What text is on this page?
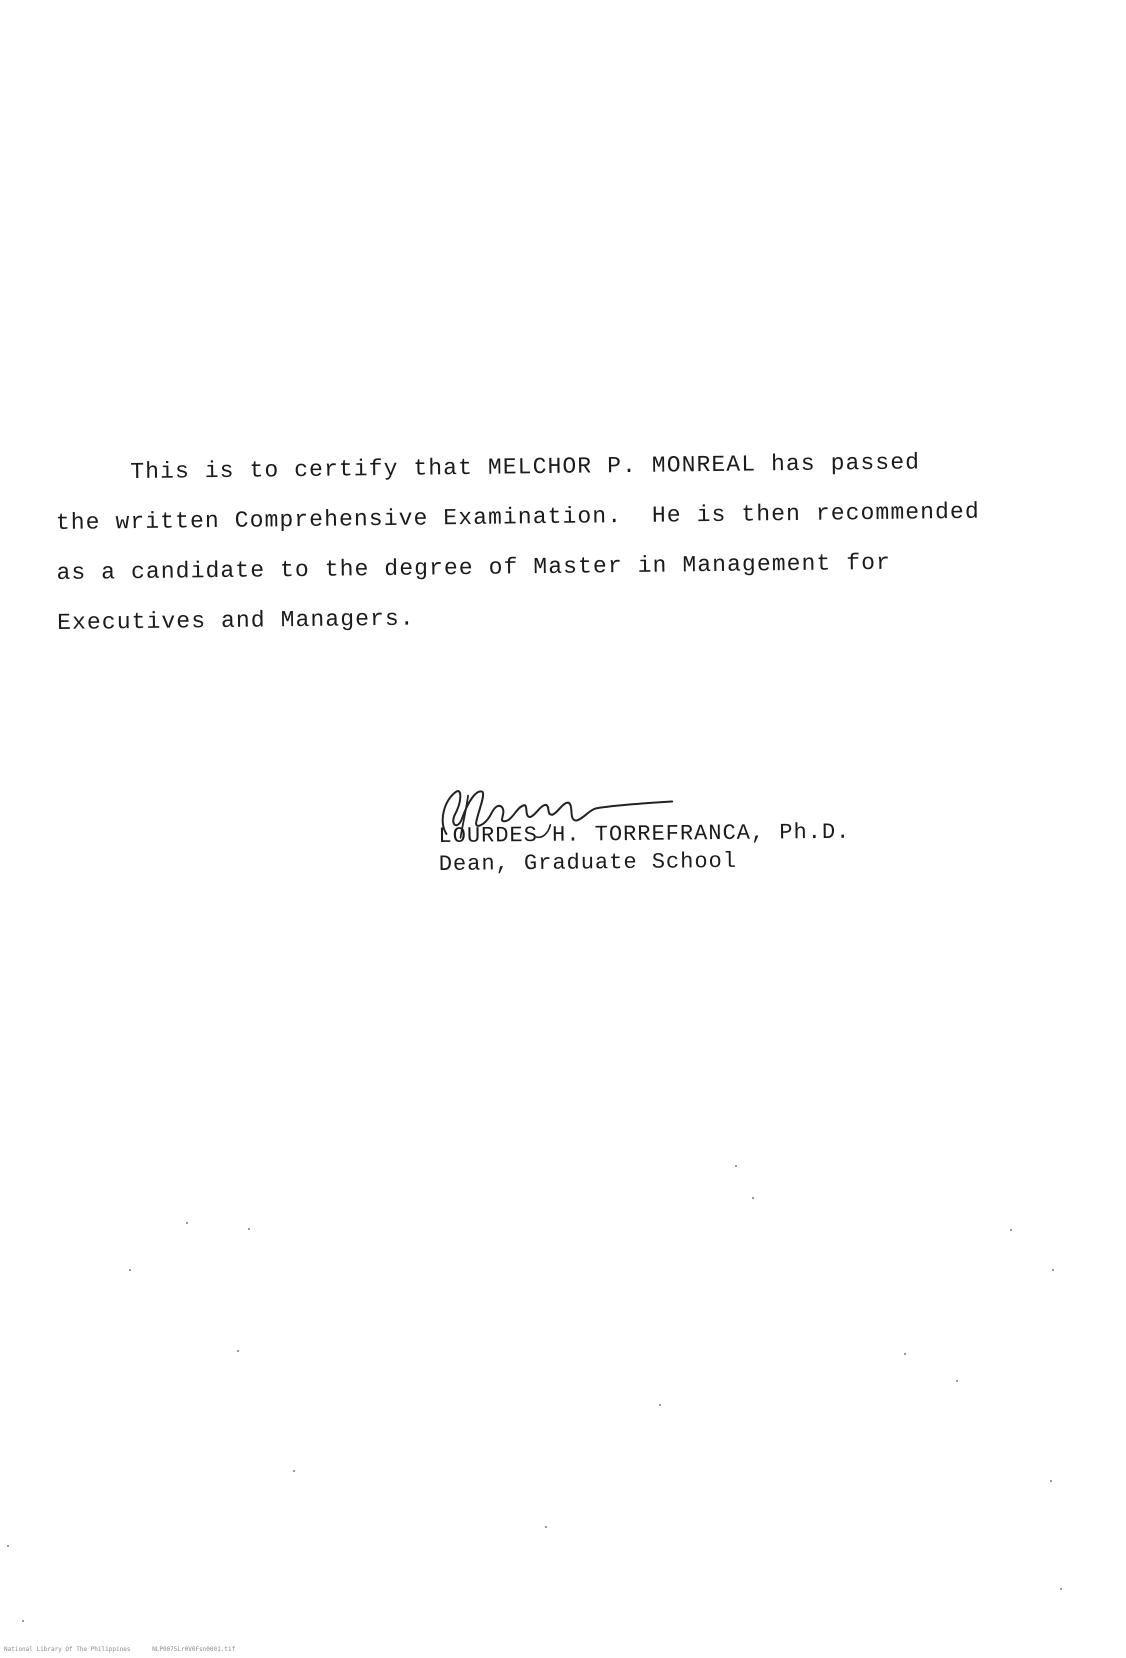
This is to certify that MELCHOR P. MONREAL has passed
the written Comprehensive Examination.  He is then recommended
as a candidate to the degree of Master in Management for
Executives and Managers.
LOURDES H. TORREFRANCA, Ph.D.
Dean, Graduate School
National Library Of The Philippines      NLP0075Lr0V0Fsn0001.tif
